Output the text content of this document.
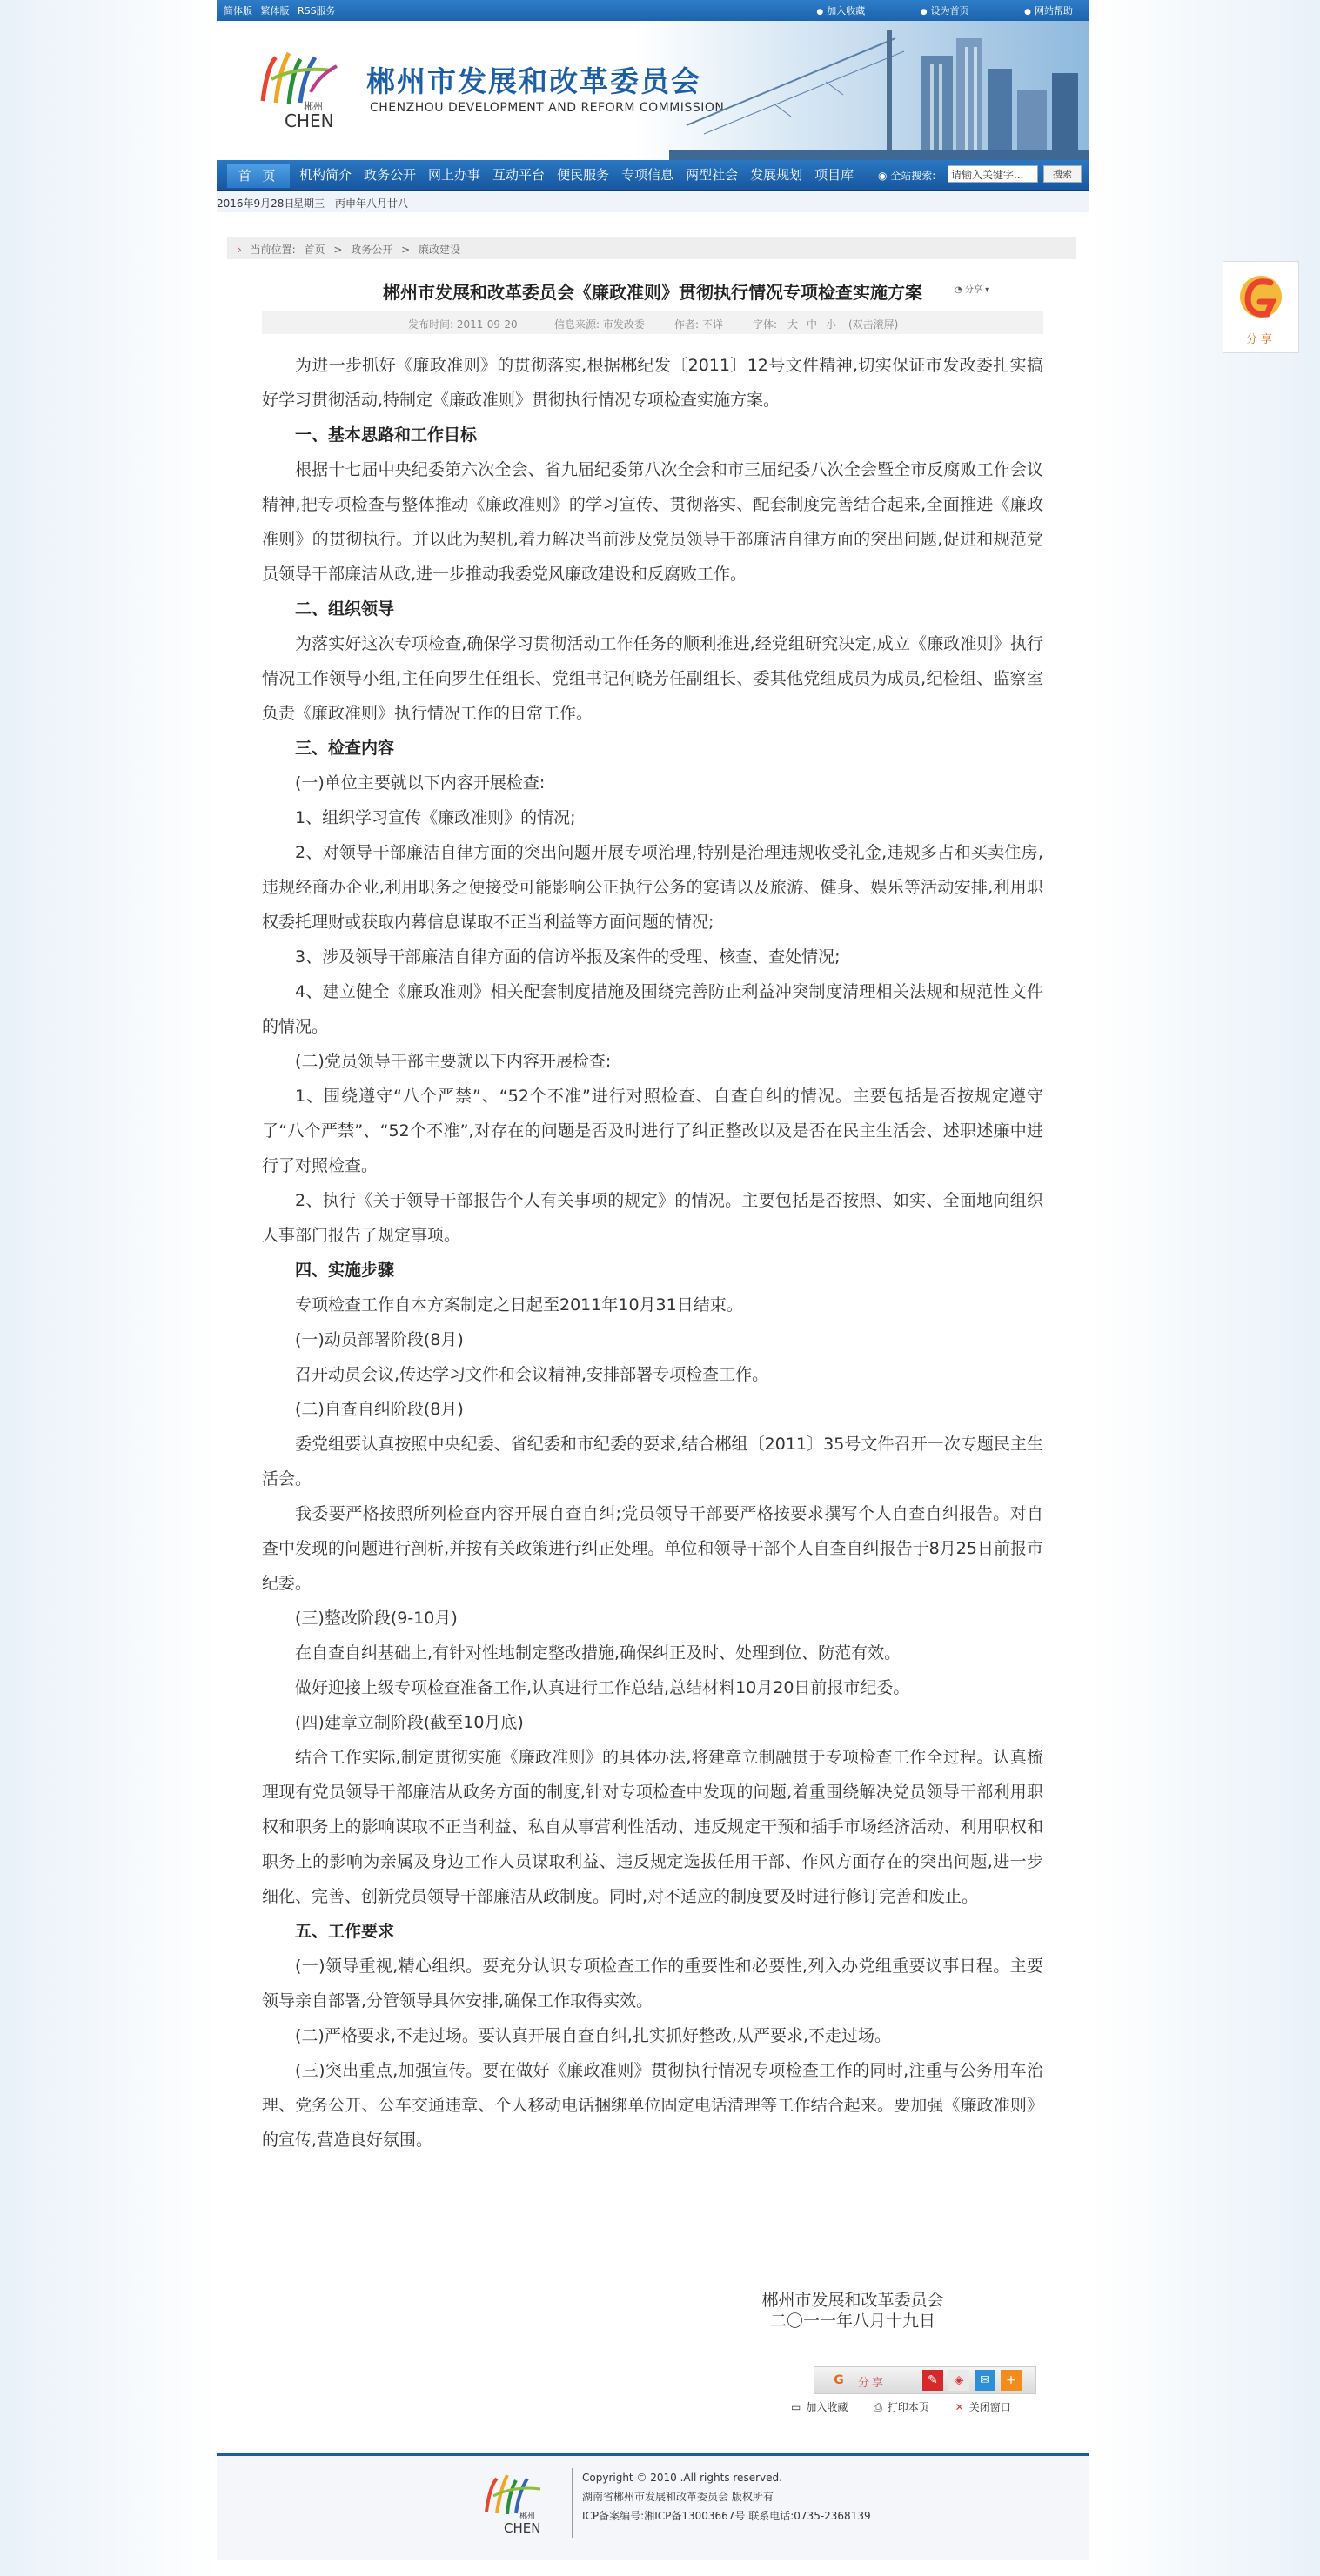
简体版 繁体版 RSS服务	● 加入收藏	● 设为首页	● 网站帮助
郴州
CHEN
郴州市发展和改革委员会
CHENZHOU DEVELOPMENT AND REFORM COMMISSION
首 页	机构简介 政务公开 网上办事 互动平台 便民服务 专项信息 两型社会 发展规划 项目库	◉ 全站搜索:
请输入关键字...	搜索
2016年9月28日
星期三 丙申年八月廿八
› 当前位置: 首页 > 政务公开 > 廉政建设
郴州市发展和改革委员会《廉政准则》贯彻执行情况专项检查实施方案	◔ 分享 ▾
发布时间: 2011-09-20	信息来源: 市发改委	作者: 不详	字体: 大 中 小 (双击滚屏)

为进一步抓好《廉政准则》的贯彻落实,根据郴纪发〔2011〕12号文件精神,切实保证市发改委扎实搞好学习贯彻活动,特制定《廉政准则》贯彻执行情况专项检查实施方案。

一、基本思路和工作目标

根据十七届中央纪委第六次全会、省九届纪委第八次全会和市三届纪委八次全会暨全市反腐败工作会议精神,把专项检查与整体推动《廉政准则》的学习宣传、贯彻落实、配套制度完善结合起来,全面推进《廉政准则》的贯彻执行。并以此为契机,着力解决当前涉及党员领导干部廉洁自律方面的突出问题,促进和规范党员领导干部廉洁从政,进一步推动我委党风廉政建设和反腐败工作。

二、组织领导

为落实好这次专项检查,确保学习贯彻活动工作任务的顺利推进,经党组研究决定,成立《廉政准则》执行情况工作领导小组,主任向罗生任组长、党组书记何晓芳任副组长、委其他党组成员为成员,纪检组、监察室负责《廉政准则》执行情况工作的日常工作。

三、检查内容

(一)单位主要就以下内容开展检查:

1、组织学习宣传《廉政准则》的情况;

2、对领导干部廉洁自律方面的突出问题开展专项治理,特别是治理违规收受礼金,违规多占和买卖住房,违规经商办企业,利用职务之便接受可能影响公正执行公务的宴请以及旅游、健身、娱乐等活动安排,利用职权委托理财或获取内幕信息谋取不正当利益等方面问题的情况;

3、涉及领导干部廉洁自律方面的信访举报及案件的受理、核查、查处情况;

4、建立健全《廉政准则》相关配套制度措施及围绕完善防止利益冲突制度清理相关法规和规范性文件的情况。

(二)党员领导干部主要就以下内容开展检查:

1、围绕遵守“八个严禁”、“52个不准”进行对照检查、自查自纠的情况。主要包括是否按规定遵守了“八个严禁”、“52个不准”,对存在的问题是否及时进行了纠正整改以及是否在民主生活会、述职述廉中进行了对照检查。

2、执行《关于领导干部报告个人有关事项的规定》的情况。主要包括是否按照、如实、全面地向组织人事部门报告了规定事项。

四、实施步骤

专项检查工作自本方案制定之日起至2011年10月31日结束。

(一)动员部署阶段(8月)

召开动员会议,传达学习文件和会议精神,安排部署专项检查工作。

(二)自查自纠阶段(8月)

委党组要认真按照中央纪委、省纪委和市纪委的要求,结合郴组〔2011〕35号文件召开一次专题民主生活会。

我委要严格按照所列检查内容开展自查自纠;党员领导干部要严格按要求撰写个人自查自纠报告。对自查中发现的问题进行剖析,并按有关政策进行纠正处理。单位和领导干部个人自查自纠报告于8月25日前报市纪委。

(三)整改阶段(9-10月)

在自查自纠基础上,有针对性地制定整改措施,确保纠正及时、处理到位、防范有效。

做好迎接上级专项检查准备工作,认真进行工作总结,总结材料10月20日前报市纪委。

(四)建章立制阶段(截至10月底)

结合工作实际,制定贯彻实施《廉政准则》的具体办法,将建章立制融贯于专项检查工作全过程。认真梳理现有党员领导干部廉洁从政务方面的制度,针对专项检查中发现的问题,着重围绕解决党员领导干部利用职权和职务上的影响谋取不正当利益、私自从事营利性活动、违反规定干预和插手市场经济活动、利用职权和职务上的影响为亲属及身边工作人员谋取利益、违反规定选拔任用干部、作风方面存在的突出问题,进一步细化、完善、创新党员领导干部廉洁从政制度。同时,对不适应的制度要及时进行修订完善和废止。

五、工作要求

(一)领导重视,精心组织。要充分认识专项检查工作的重要性和必要性,列入办党组重要议事日程。主要领导亲自部署,分管领导具体安排,确保工作取得实效。

(二)严格要求,不走过场。要认真开展自查自纠,扎实抓好整改,从严要求,不走过场。

(三)突出重点,加强宣传。要在做好《廉政准则》贯彻执行情况专项检查工作的同时,注重与公务用车治理、党务公开、公车交通违章、个人移动电话捆绑单位固定电话清理等工作结合起来。要加强《廉政准则》的宣传,营造良好氛围。

郴州市发展和改革委员会
二〇一一年八月十九日
G	分享	✎	◈	✉	+
▭ 加入收藏 ⎙ 打印本页 ✕ 关闭窗口
郴州
CHEN
Copyright © 2010 .All rights reserved.
湖南省郴州市发展和改革委员会 版权所有
ICP备案编号:湘ICP备13003667号 联系电话:0735-2368139
分享
